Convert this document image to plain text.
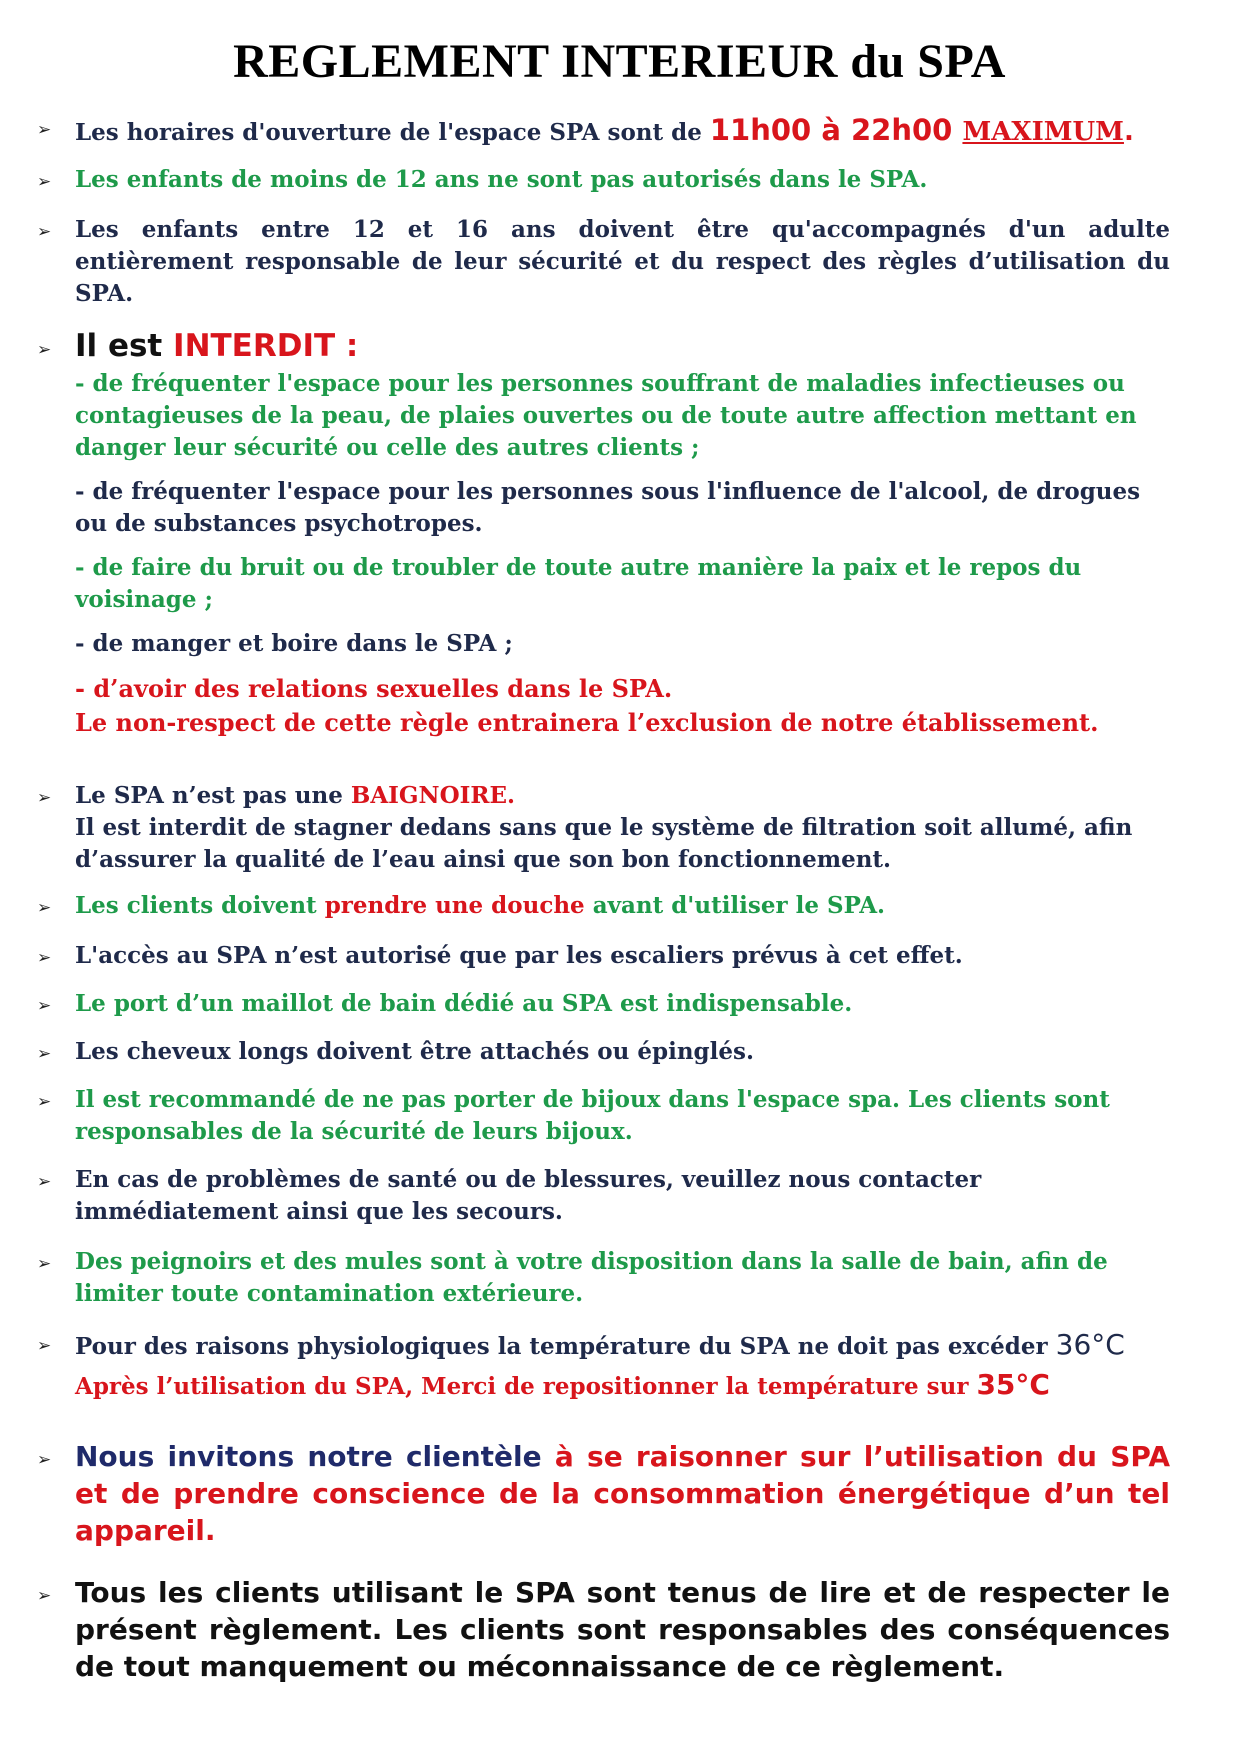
REGLEMENT INTERIEUR du SPA
➢ Les horaires d'ouverture de l'espace SPA sont de 11h00 à 22h00 MAXIMUM.

➢ Les enfants de moins de 12 ans ne sont pas autorisés dans le SPA.

➢ Les enfants entre 12 et 16 ans doivent être qu'accompagnés d'un adulte entièrement responsable de leur sécurité et du respect des règles d’utilisation du SPA.

➢ Il est INTERDIT :

- de fréquenter l'espace pour les personnes souffrant de maladies infectieuses ou contagieuses de la peau, de plaies ouvertes ou de toute autre affection mettant en danger leur sécurité ou celle des autres clients ;

- de fréquenter l'espace pour les personnes sous l'influence de l'alcool, de drogues ou de substances psychotropes.

- de faire du bruit ou de troubler de toute autre manière la paix et le repos du voisinage ;

- de manger et boire dans le SPA ;

- d’avoir des relations sexuelles dans le SPA.

Le non-respect de cette règle entrainera l’exclusion de notre établissement.

➢ Le SPA n’est pas une BAIGNOIRE.

Il est interdit de stagner dedans sans que le système de filtration soit allumé, afin d’assurer la qualité de l’eau ainsi que son bon fonctionnement.

➢ Les clients doivent prendre une douche avant d'utiliser le SPA.

➢ L'accès au SPA n’est autorisé que par les escaliers prévus à cet effet.

➢ Le port d’un maillot de bain dédié au SPA est indispensable.

➢ Les cheveux longs doivent être attachés ou épinglés.

➢ Il est recommandé de ne pas porter de bijoux dans l'espace spa. Les clients sont responsables de la sécurité de leurs bijoux.

➢ En cas de problèmes de santé ou de blessures, veuillez nous contacter immédiatement ainsi que les secours.

➢ Des peignoirs et des mules sont à votre disposition dans la salle de bain, afin de limiter toute contamination extérieure.

➢ Pour des raisons physiologiques la température du SPA ne doit pas excéder 36°C

Après l’utilisation du SPA, Merci de repositionner la température sur 35°C

➢ Nous invitons notre clientèle à se raisonner sur l’utilisation du SPA et de prendre conscience de la consommation énergétique d’un tel appareil.

➢ Tous les clients utilisant le SPA sont tenus de lire et de respecter le présent règlement. Les clients sont responsables des conséquences de tout manquement ou méconnaissance de ce règlement.
